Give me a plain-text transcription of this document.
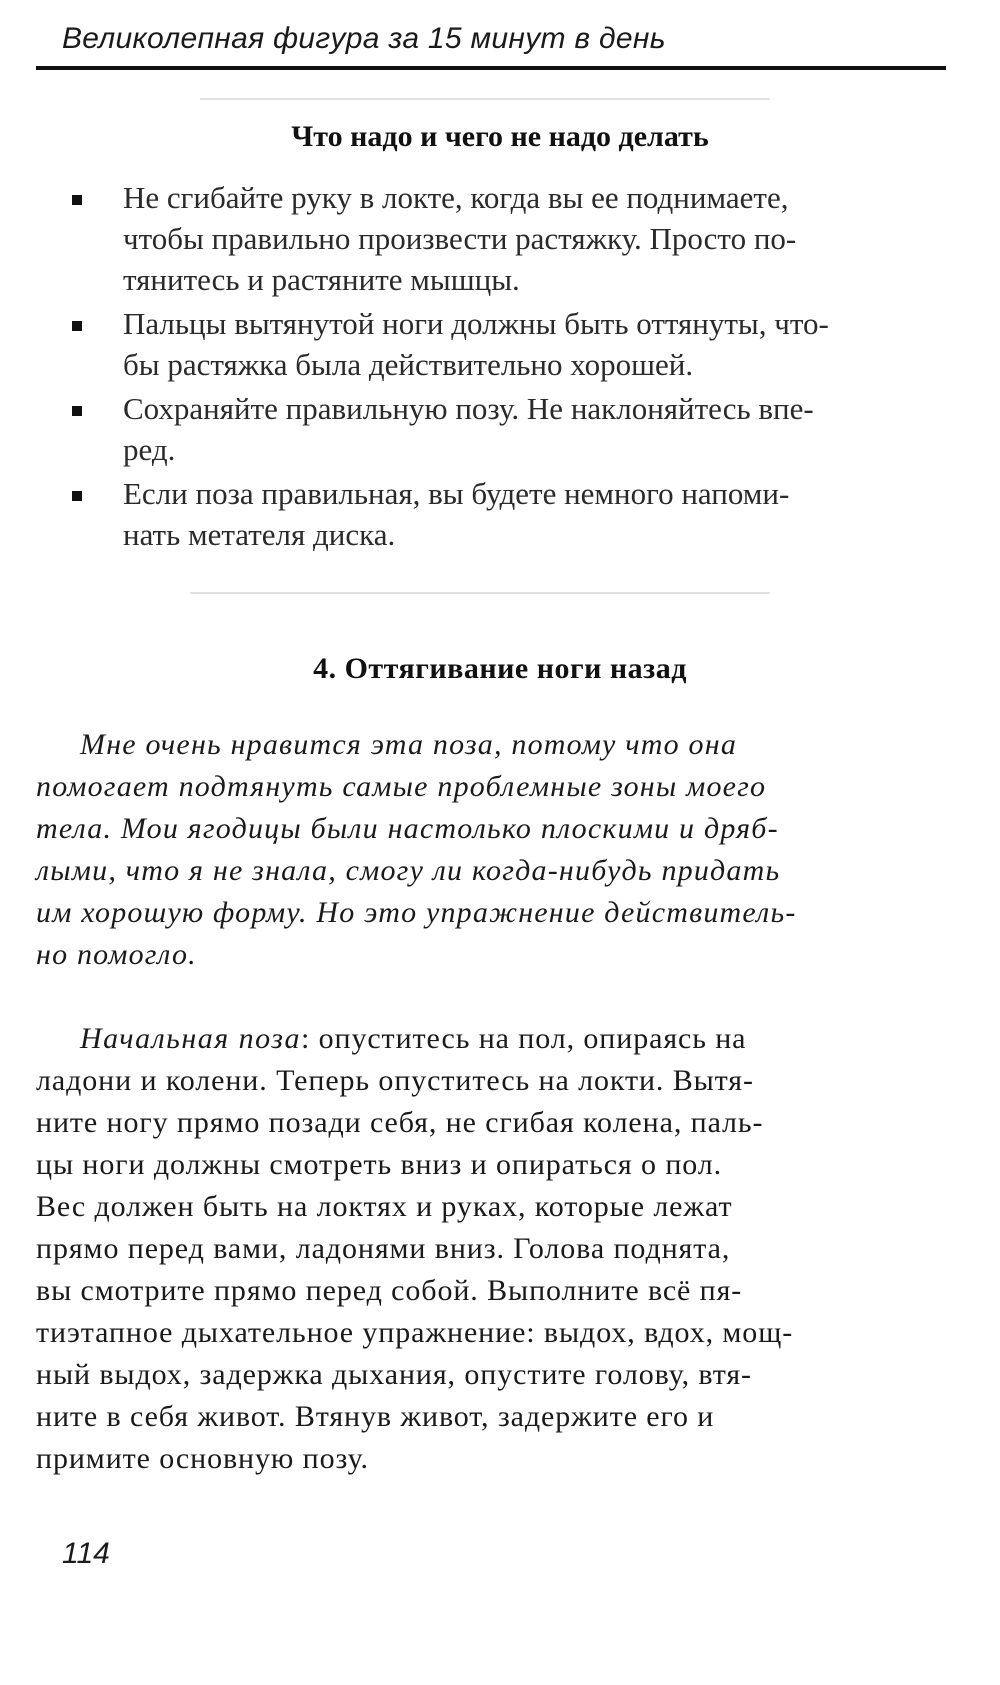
Великолепная фигура за 15 минут в день
Что надо и чего не надо делать
Не сгибайте руку в локте, когда вы ее поднимаете,
чтобы правильно произвести растяжку. Просто по-
тянитесь и растяните мышцы.
Пальцы вытянутой ноги должны быть оттянуты, что-
бы растяжка была действительно хорошей.
Сохраняйте правильную позу. Не наклоняйтесь впе-
ред.
Если поза правильная, вы будете немного напоми-
нать метателя диска.
4. Оттягивание ноги назад
Мне очень нравится эта поза, потому что она
помогает подтянуть самые проблемные зоны моего
тела. Мои ягодицы были настолько плоскими и дряб-
лыми, что я не знала, смогу ли когда-нибудь придать
им хорошую форму. Но это упражнение действитель-
но помогло.
Начальная поза: опуститесь на пол, опираясь на
ладони и колени. Теперь опуститесь на локти. Вытя-
ните ногу прямо позади себя, не сгибая колена, паль-
цы ноги должны смотреть вниз и опираться о пол.
Вес должен быть на локтях и руках, которые лежат
прямо перед вами, ладонями вниз. Голова поднята,
вы смотрите прямо перед собой. Выполните всё пя-
тиэтапное дыхательное упражнение: выдох, вдох, мощ-
ный выдох, задержка дыхания, опустите голову, втя-
ните в себя живот. Втянув живот, задержите его и
примите основную позу.
114
